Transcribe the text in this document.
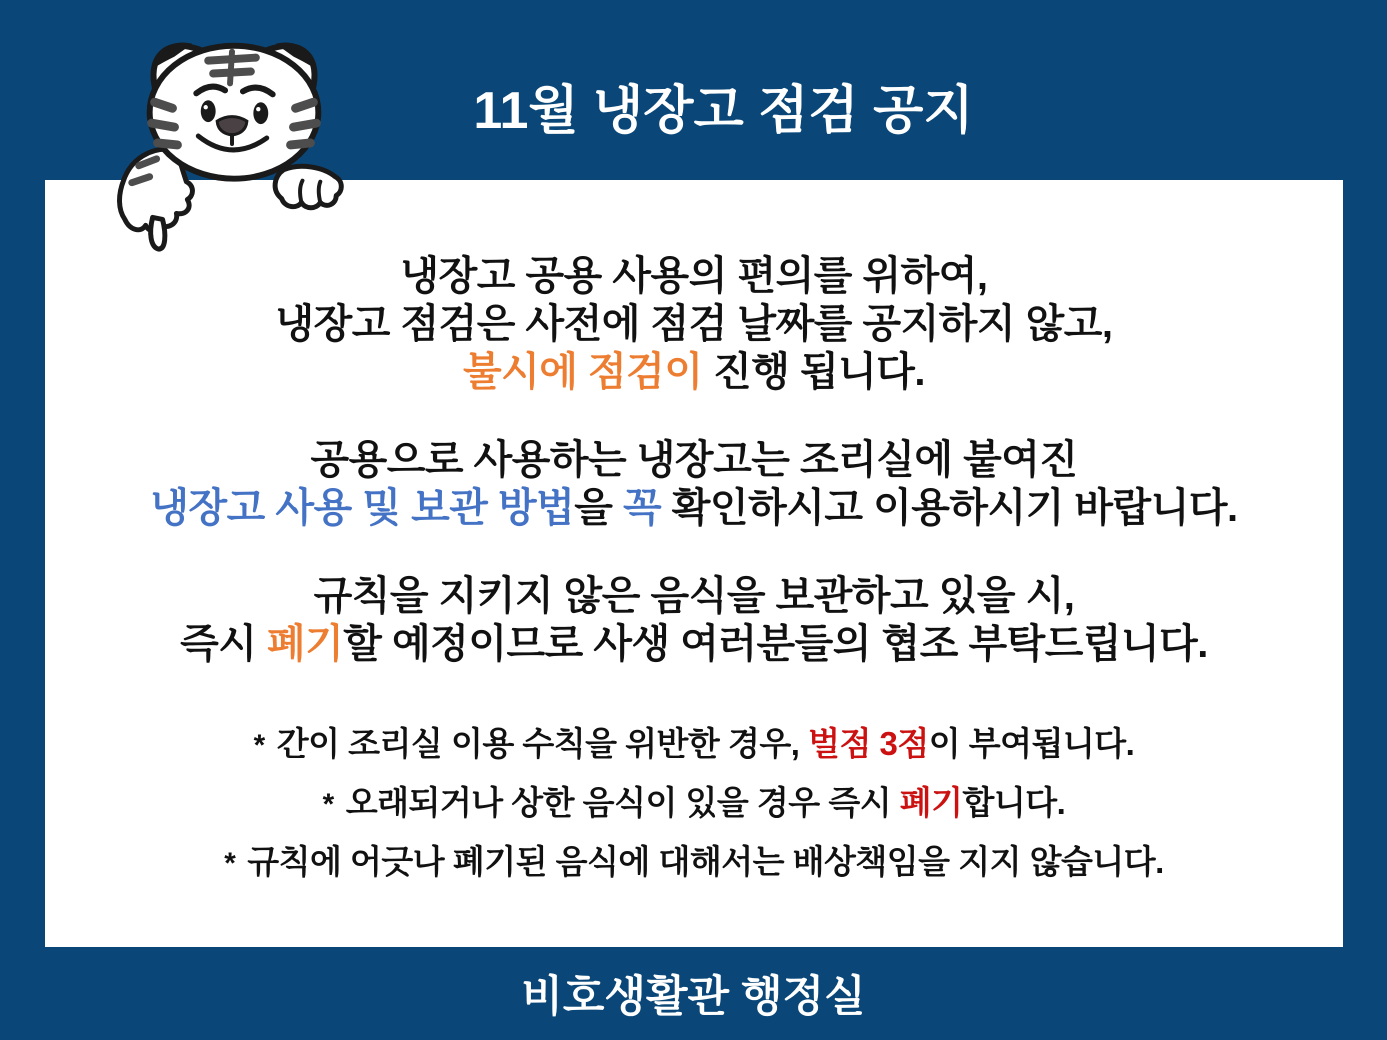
11월 냉장고 점검 공지

냉장고 공용 사용의 편의를 위하여,
냉장고 점검은 사전에 점검 날짜를 공지하지 않고,
불시에 점검이 진행 됩니다.

공용으로 사용하는 냉장고는 조리실에 붙여진
냉장고 사용 및 보관 방법을 꼭 확인하시고 이용하시기 바랍니다.

규칙을 지키지 않은 음식을 보관하고 있을 시,
즉시 폐기할 예정이므로 사생 여러분들의 협조 부탁드립니다.

* 간이 조리실 이용 수칙을 위반한 경우, 벌점 3점이 부여됩니다.

* 오래되거나 상한 음식이 있을 경우 즉시 폐기합니다.

* 규칙에 어긋나 폐기된 음식에 대해서는 배상책임을 지지 않습니다.

비호생활관 행정실
